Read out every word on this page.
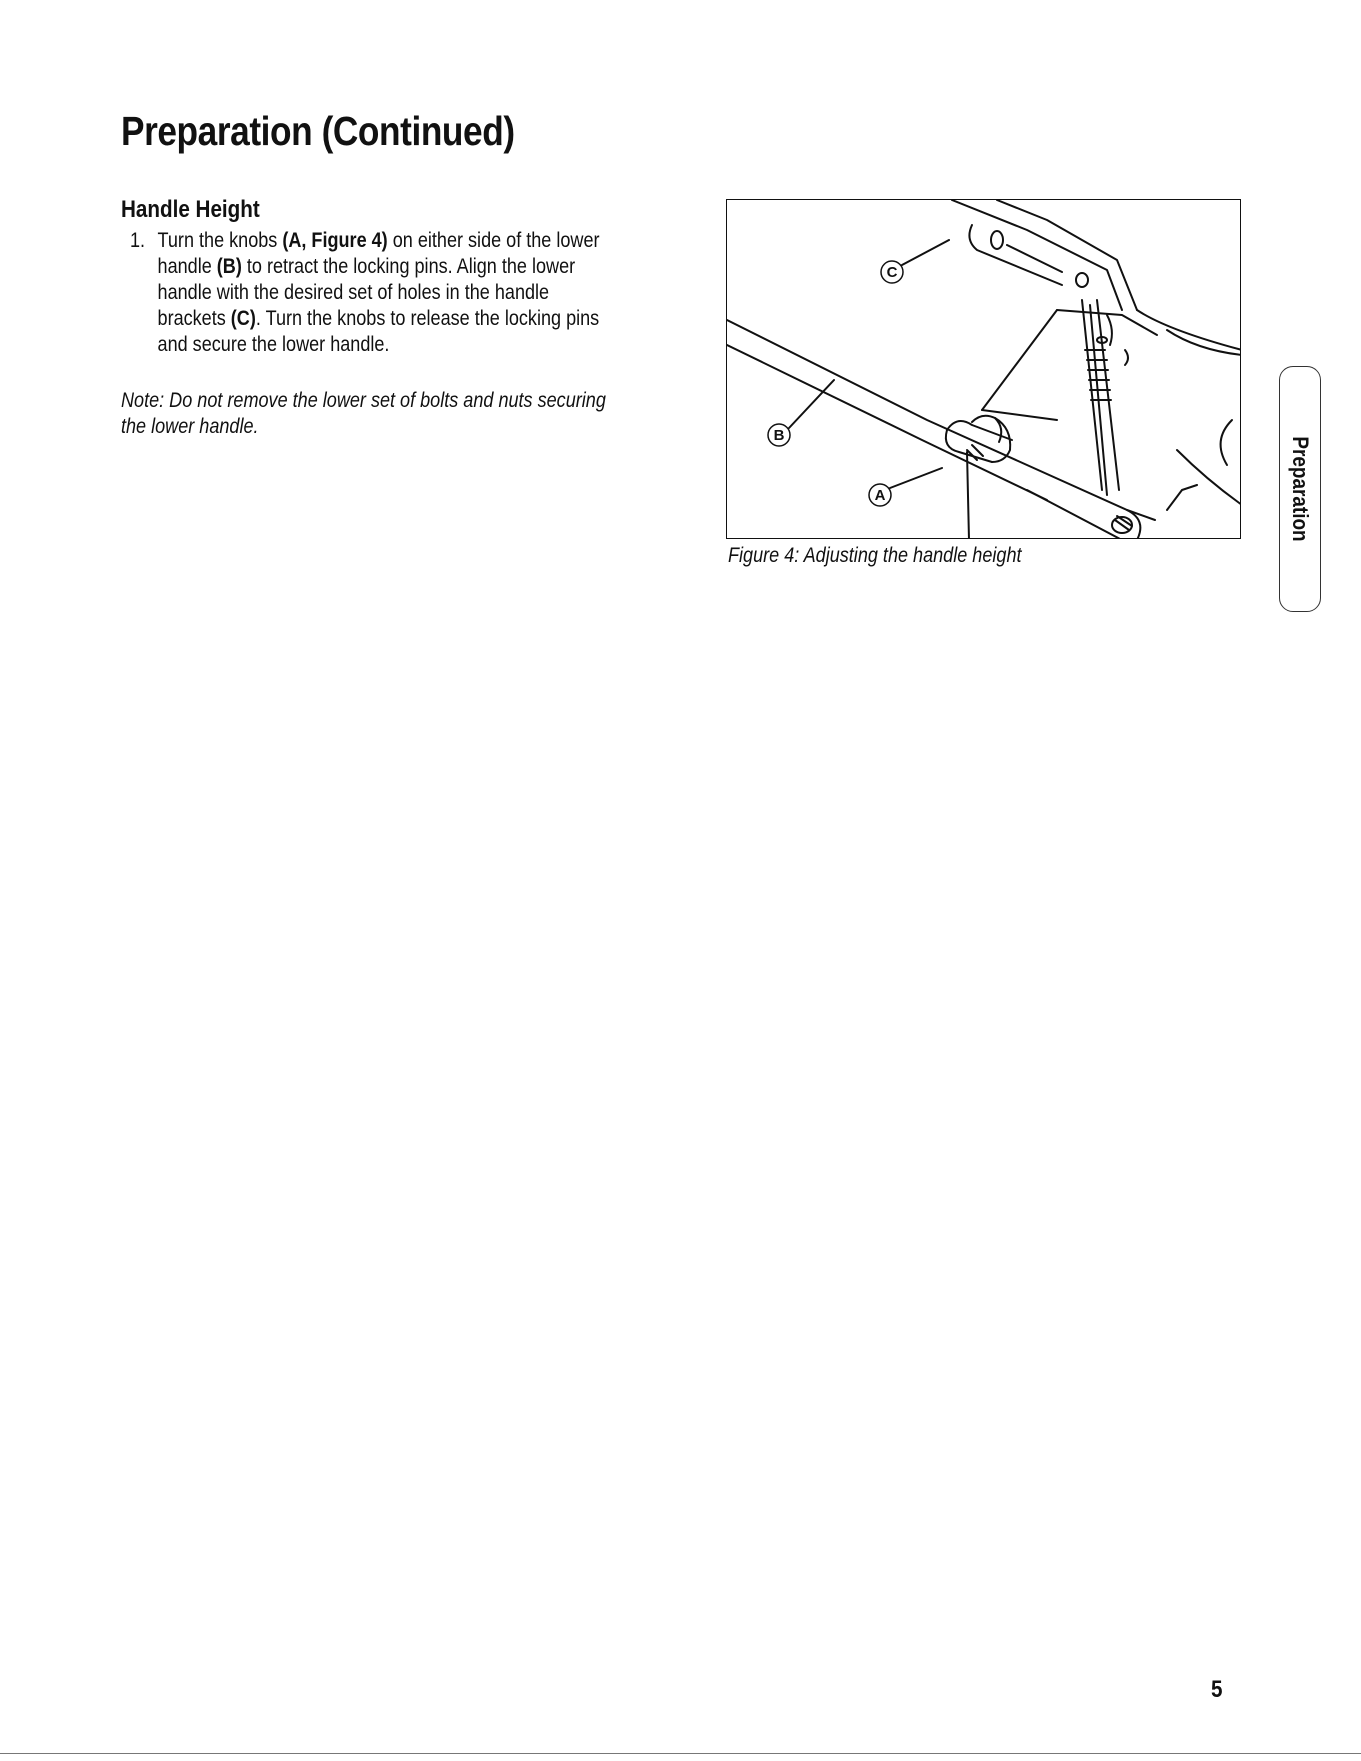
Preparation (Continued)
Handle Height
1. Turn the knobs (A, Figure 4) on either side of the lower
handle (B) to retract the locking pins. Align the lower
handle with the desired set of holes in the handle
brackets (C). Turn the knobs to release the locking pins
and secure the lower handle.
Note: Do not remove the lower set of bolts and nuts securing
the lower handle.
C
B
A
Figure 4: Adjusting the handle height
Preparation
5
